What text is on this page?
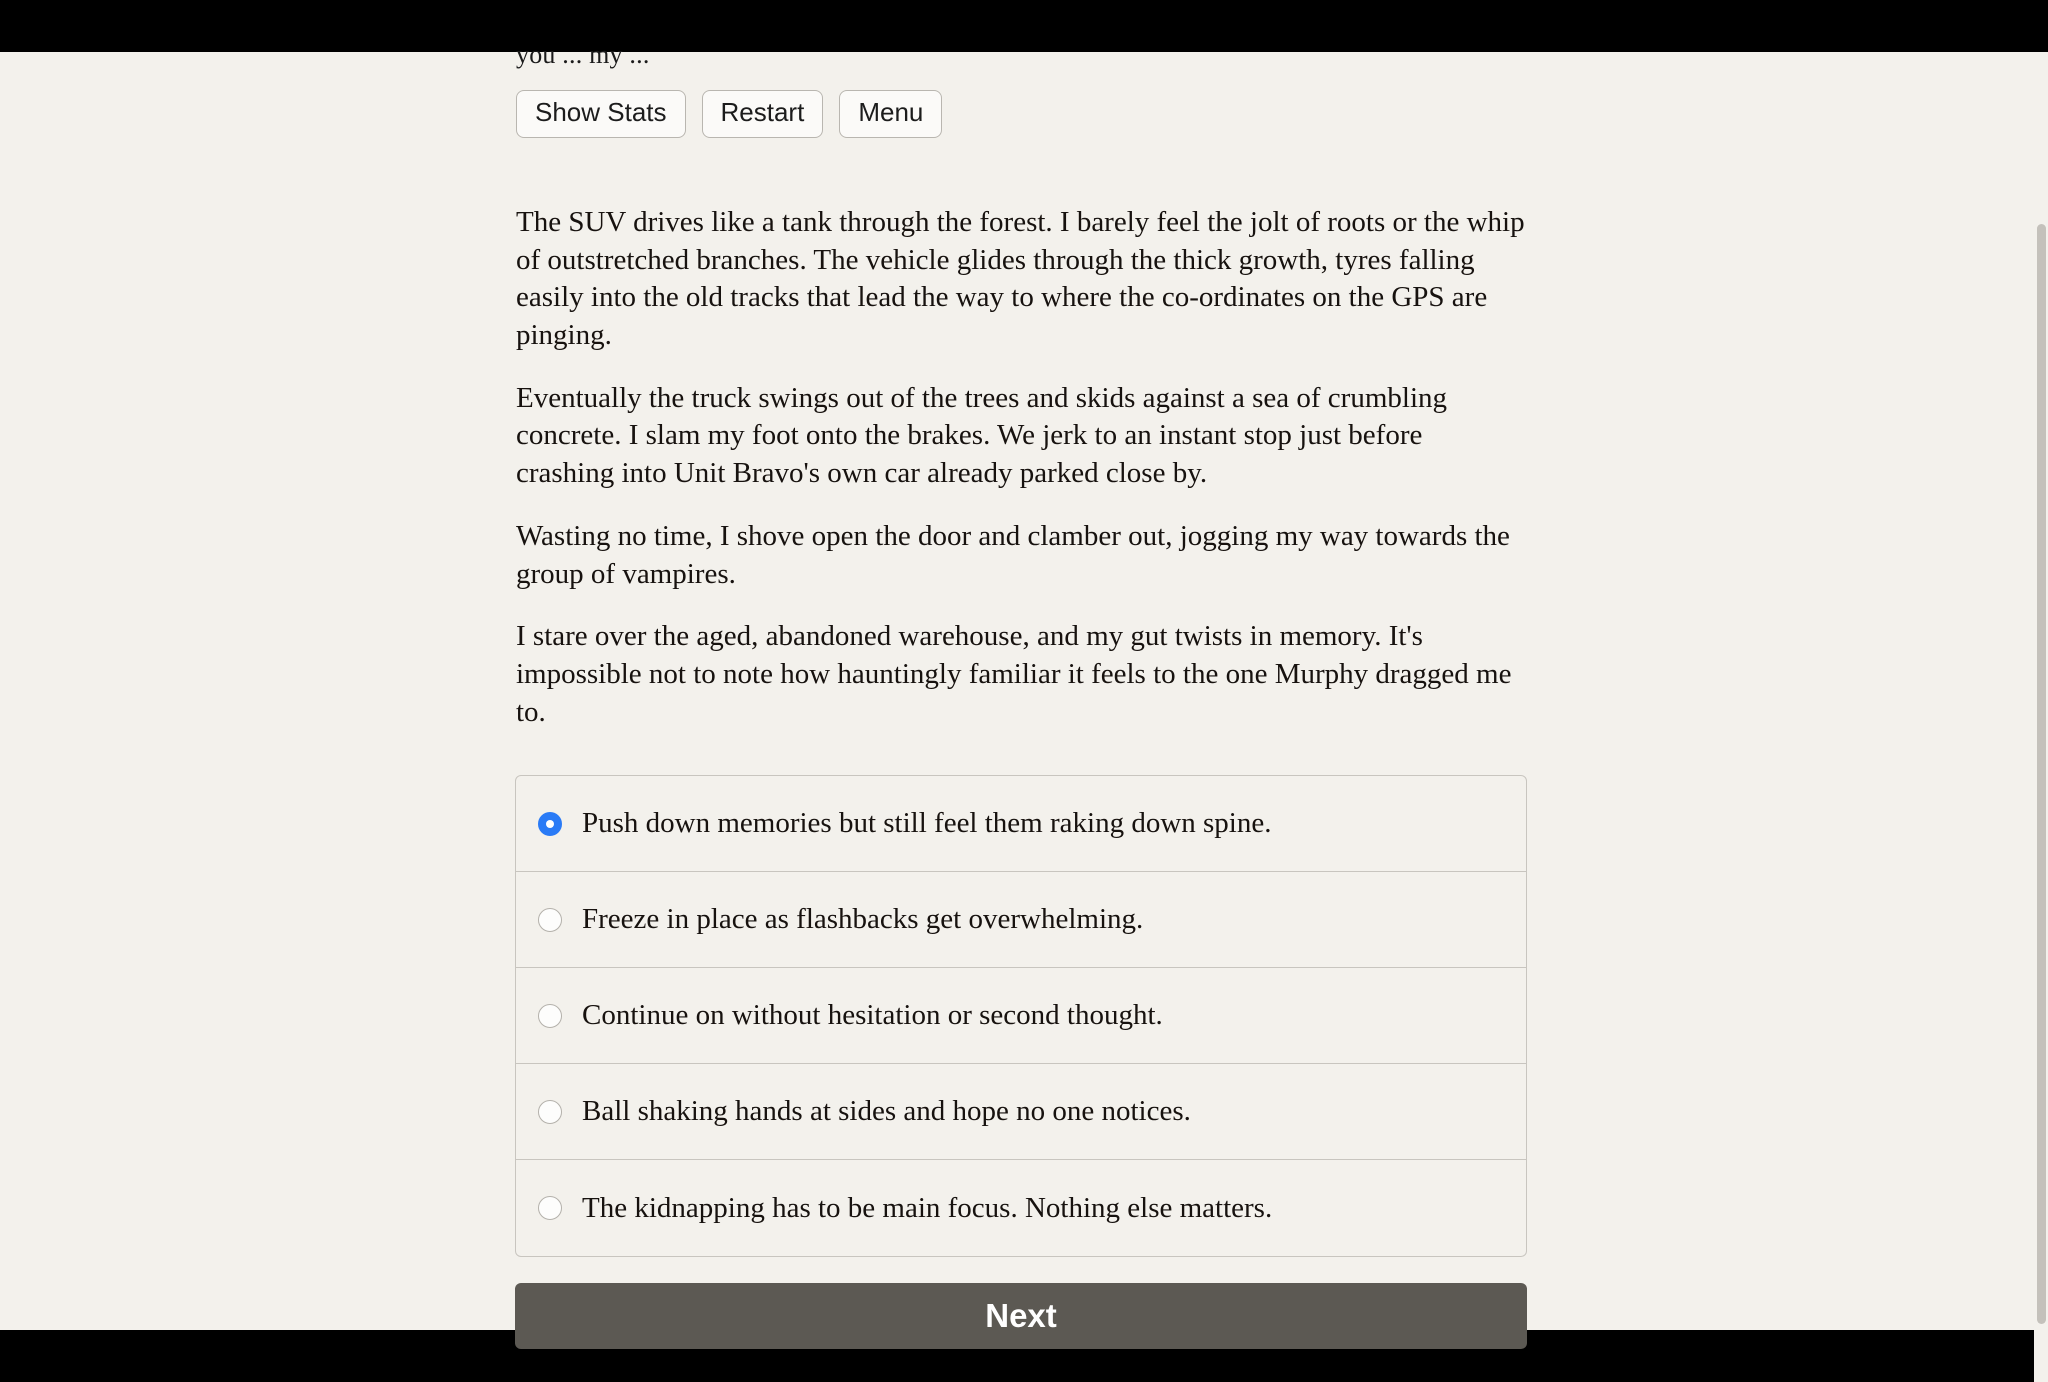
you ... my ...
Show Stats	Restart	Menu

The SUV drives like a tank through the forest. I barely feel the jolt of roots or the whip of outstretched branches. The vehicle glides through the thick growth, tyres falling easily into the old tracks that lead the way to where the co-ordinates on the GPS are pinging.

Eventually the truck swings out of the trees and skids against a sea of crumbling concrete. I slam my foot onto the brakes. We jerk to an instant stop just before crashing into Unit Bravo's own car already parked close by.

Wasting no time, I shove open the door and clamber out, jogging my way towards the group of vampires.

I stare over the aged, abandoned warehouse, and my gut twists in memory. It's impossible not to note how hauntingly familiar it feels to the one Murphy dragged me to.

Push down memories but still feel them raking down spine.
Freeze in place as flashbacks get overwhelming.
Continue on without hesitation or second thought.
Ball shaking hands at sides and hope no one notices.
The kidnapping has to be main focus. Nothing else matters.
Next
